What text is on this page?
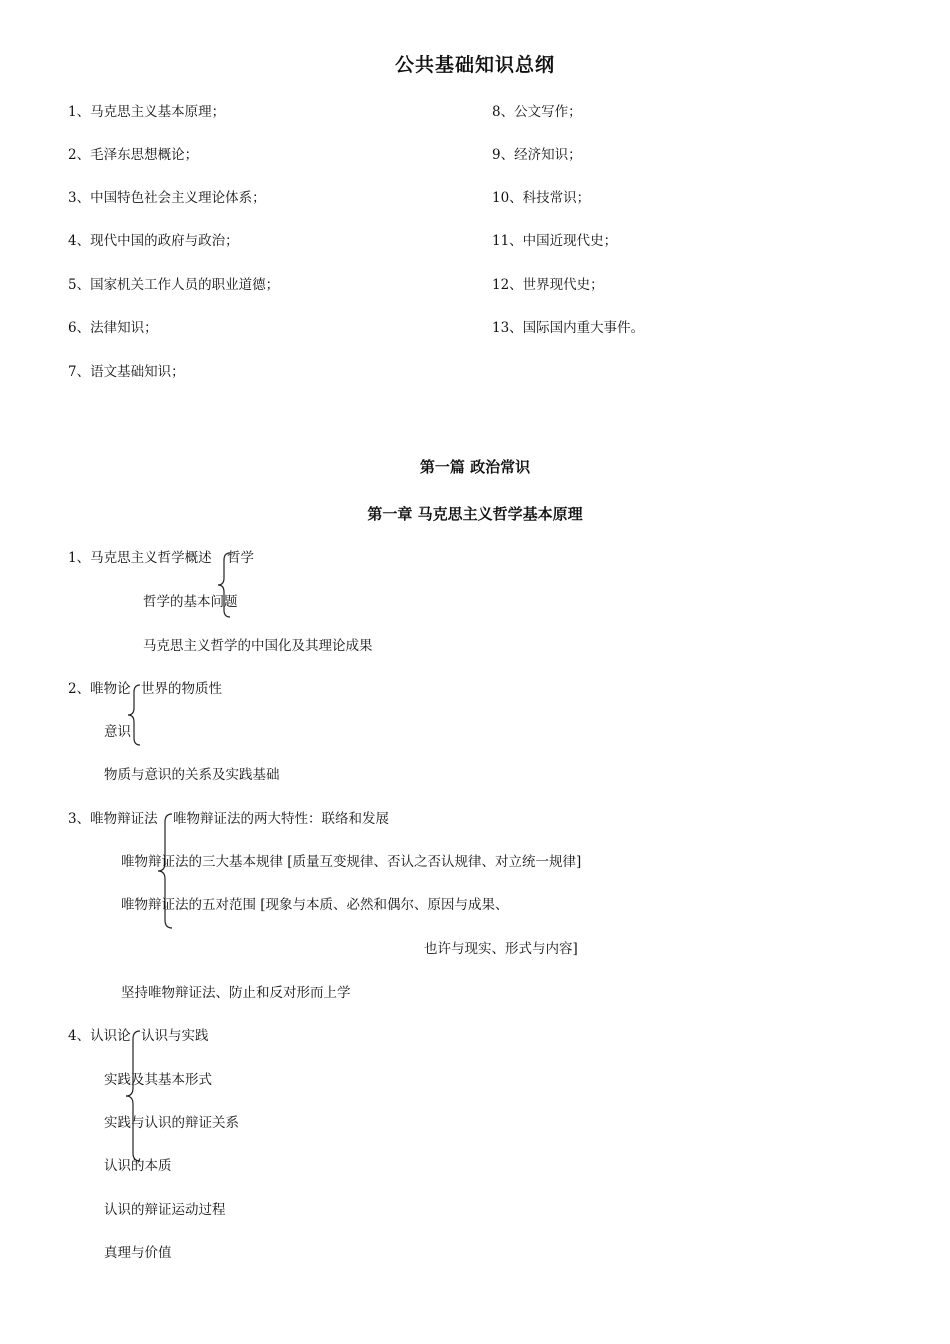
公共基础知识总纲
1、马克思主义基本原理；
2、毛泽东思想概论；
3、中国特色社会主义理论体系；
4、现代中国的政府与政治；
5、国家机关工作人员的职业道德；
6、法律知识；
7、语文基础知识；
8、公文写作；
9、经济知识；
10、科技常识；
11、中国近现代史；
12、世界现代史；
13、国际国内重大事件。
第一篇 政治常识
第一章 马克思主义哲学基本原理
1、马克思主义哲学概述 哲学
哲学的基本问题
马克思主义哲学的中国化及其理论成果
2、唯物论 世界的物质性
意识
物质与意识的关系及实践基础
3、唯物辩证法 唯物辩证法的两大特性：联络和发展
唯物辩证法的三大基本规律 [质量互变规律、否认之否认规律、对立统一规律]
唯物辩证法的五对范围 [现象与本质、必然和偶尔、原因与成果、
也许与现实、形式与内容]
坚持唯物辩证法、防止和反对形而上学
4、认识论 认识与实践
实践及其基本形式
实践与认识的辩证关系
认识的本质
认识的辩证运动过程
真理与价值
